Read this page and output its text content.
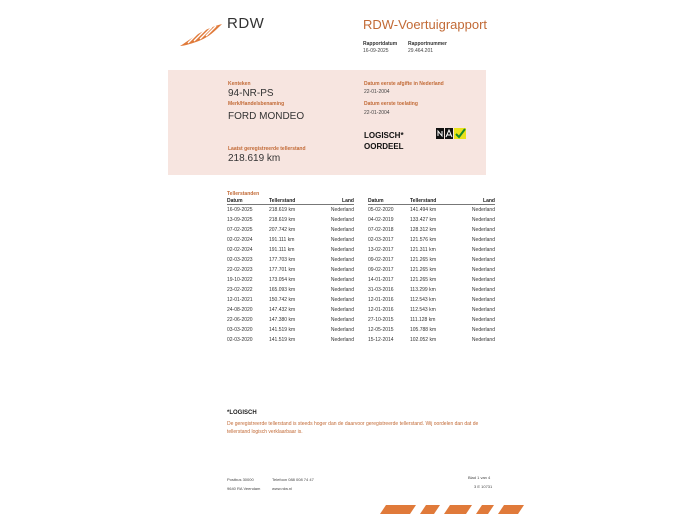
RDW	RDW-Voertuigrapport
Rapportdatum
16-09-2025
Rapportnummer
29.464.201
Kenteken
94-NR-PS
Merk/Handelsbenaming
FORD MONDEO
Laatst geregistreerde tellerstand
218.619 km
Datum eerste afgifte in Nederland
22-01-2004
Datum eerste toelating
22-01-2004
LOGISCH*
OORDEEL
Tellerstanden
Datum	Tellerstand	Land
16-09-2025	218.619 km	Nederland
13-09-2025	218.619 km	Nederland
07-02-2025	207.742 km	Nederland
02-02-2024	191.111 km	Nederland
02-02-2024	191.111 km	Nederland
02-03-2023	177.703 km	Nederland
22-02-2023	177.701 km	Nederland
19-10-2022	173.054 km	Nederland
23-02-2022	165.093 km	Nederland
12-01-2021	150.742 km	Nederland
24-08-2020	147.432 km	Nederland
22-06-2020	147.380 km	Nederland
03-03-2020	141.519 km	Nederland
02-03-2020	141.519 km	Nederland
Datum	Tellerstand	Land
05-02-2020	141.494 km	Nederland
04-02-2019	133.427 km	Nederland
07-02-2018	128.312 km	Nederland
02-03-2017	121.576 km	Nederland
13-02-2017	121.311 km	Nederland
09-02-2017	121.265 km	Nederland
09-02-2017	121.265 km	Nederland
14-01-2017	121.265 km	Nederland
31-03-2016	113.299 km	Nederland
12-01-2016	112.543 km	Nederland
12-01-2016	112.543 km	Nederland
27-10-2015	111.128 km	Nederland
12-05-2015	105.788 km	Nederland
15-12-2014	102.052 km	Nederland
*LOGISCH
De geregistreerde tellerstand is steeds hoger dan de daarvoor geregistreerde tellerstand. Wij oordelen dan dat de tellerstand logisch verklaarbaar is.
Postbus 30000
9640 RA Veendam
Telefoon 088 008 74 47
www.rdw.nl
Blad 1 van 4
3 E 10731
